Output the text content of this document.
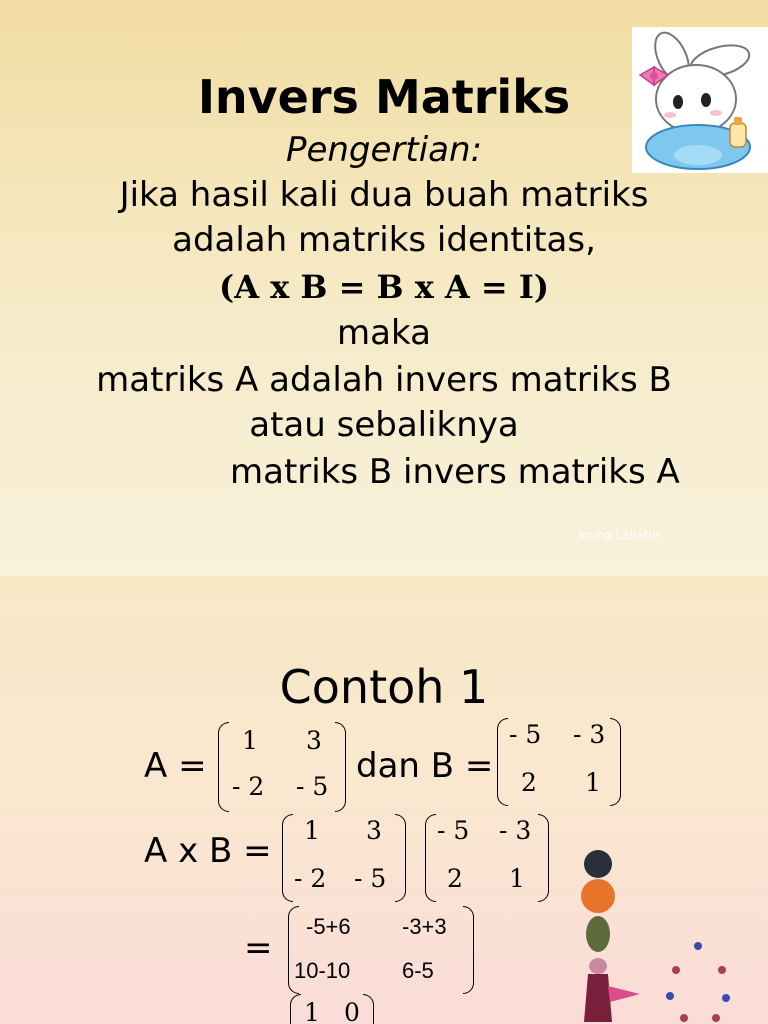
Invers Matriks
Pengertian:
Jika hasil kali dua buah matriks
adalah matriks identitas,
(A x B = B x A = I)
maka
matriks A adalah invers matriks B
atau sebaliknya
matriks B invers matriks A
Inung Lailatin
Contoh 1
A =
1 3
- 2 - 5
dan B =
- 5 - 3
2 1
A x B =
1 3
- 2 - 5
- 5 - 3
2 1
=
-5+6 -3+3
10-10 6-5
1 0
